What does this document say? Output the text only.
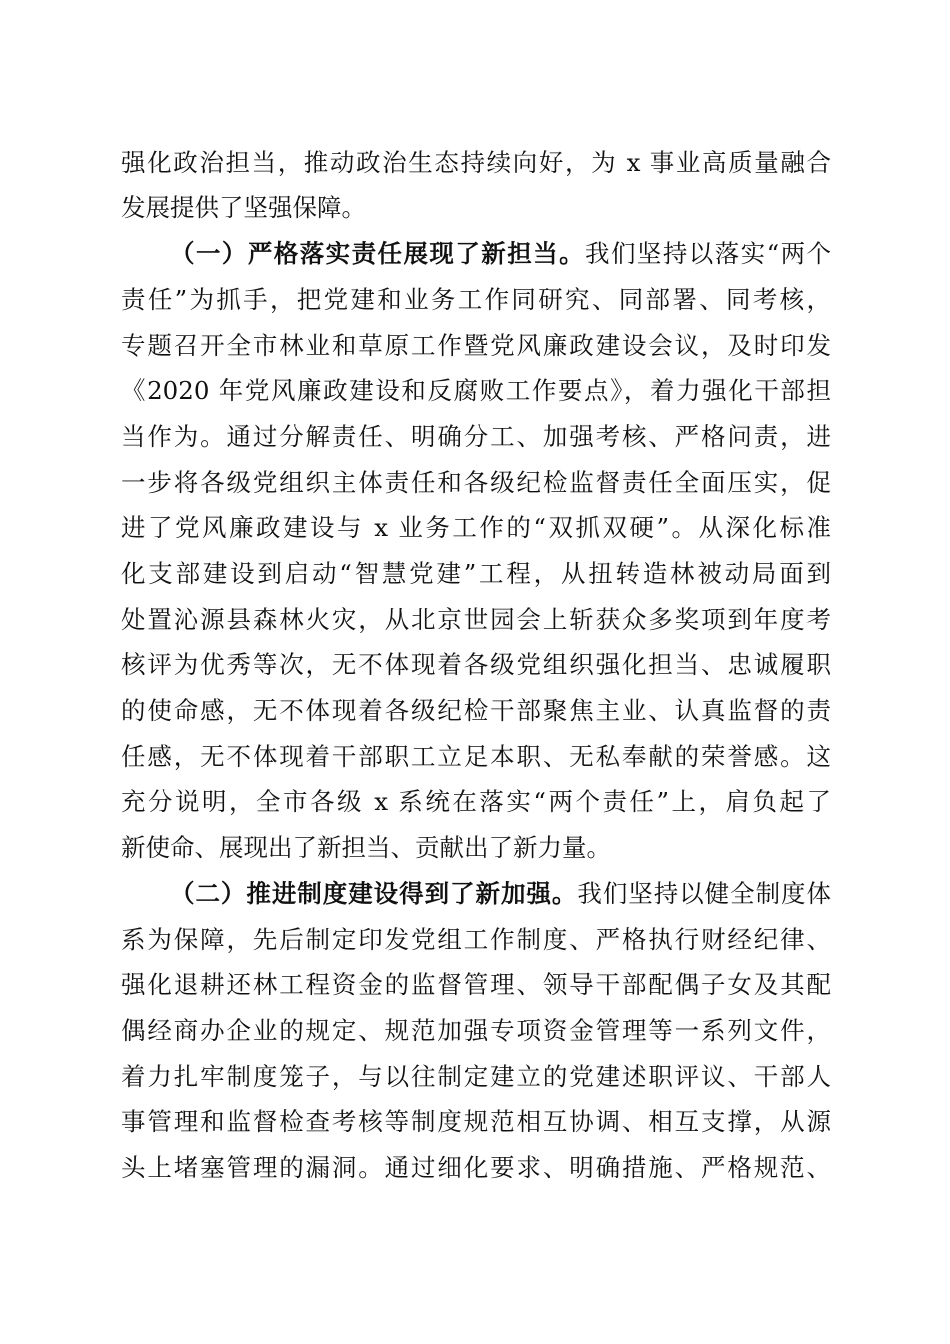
强化政治担当，推动政治生态持续向好，为 x 事业高质量融合
发展提供了坚强保障。
（一）严格落实责任展现了新担当。我们坚持以落实“两个
责任”为抓手，把党建和业务工作同研究、同部署、同考核，
专题召开全市林业和草原工作暨党风廉政建设会议，及时印发
《2020 年党风廉政建设和反腐败工作要点》，着力强化干部担
当作为。通过分解责任、明确分工、加强考核、严格问责，进
一步将各级党组织主体责任和各级纪检监督责任全面压实，促
进了党风廉政建设与 x 业务工作的“双抓双硬”。从深化标准
化支部建设到启动“智慧党建”工程，从扭转造林被动局面到
处置沁源县森林火灾，从北京世园会上斩获众多奖项到年度考
核评为优秀等次，无不体现着各级党组织强化担当、忠诚履职
的使命感，无不体现着各级纪检干部聚焦主业、认真监督的责
任感，无不体现着干部职工立足本职、无私奉献的荣誉感。这
充分说明，全市各级 x 系统在落实“两个责任”上，肩负起了
新使命、展现出了新担当、贡献出了新力量。
（二）推进制度建设得到了新加强。我们坚持以健全制度体
系为保障，先后制定印发党组工作制度、严格执行财经纪律、
强化退耕还林工程资金的监督管理、领导干部配偶子女及其配
偶经商办企业的规定、规范加强专项资金管理等一系列文件，
着力扎牢制度笼子，与以往制定建立的党建述职评议、干部人
事管理和监督检查考核等制度规范相互协调、相互支撑，从源
头上堵塞管理的漏洞。通过细化要求、明确措施、严格规范、
